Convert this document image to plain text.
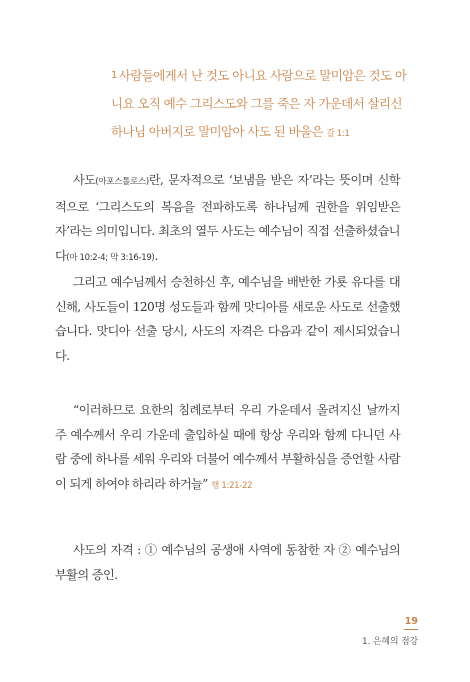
1 사람들에게서 난 것도 아니요 사람으로 말미암은 것도 아니요 오직 예수 그리스도와 그를 죽은 자 가운데서 살리신 하나님 아버지로 말미암아 사도 된 바울은 갈 1:1
사도(아포스톨로스)란, 문자적으로 ‘보냄을 받은 자’라는 뜻이며 신학적으로 ‘그리스도의 복음을 전파하도록 하나님께 권한을 위임받은 자’라는 의미입니다. 최초의 열두 사도는 예수님이 직접 선출하셨습니다(마 10:2-4; 막 3:16-19).
그리고 예수님께서 승천하신 후, 예수님을 배반한 가룟 유다를 대신해, 사도들이 120명 성도들과 함께 맛디아를 새로운 사도로 선출했습니다. 맛디아 선출 당시, 사도의 자격은 다음과 같이 제시되었습니다.
“이러하므로 요한의 침례로부터 우리 가운데서 올려지신 날까지 주 예수께서 우리 가운데 출입하실 때에 항상 우리와 함께 다니던 사람 중에 하나를 세워 우리와 더불어 예수께서 부활하심을 증언할 사람이 되게 하여야 하리라 하거늘” 행 1:21-22
사도의 자격 : ① 예수님의 공생애 사역에 동참한 자 ② 예수님의 부활의 증인.
19
1. 은혜의 점강
